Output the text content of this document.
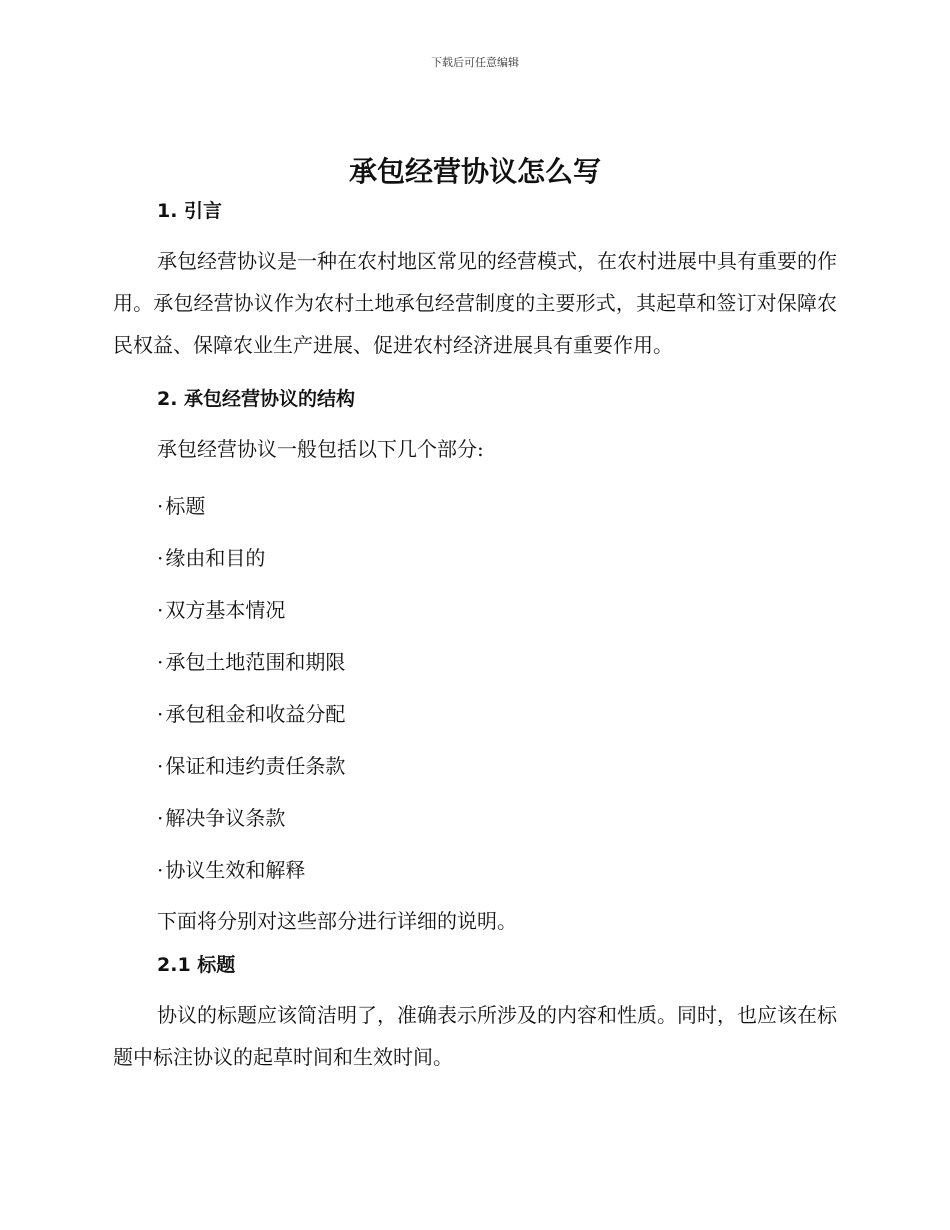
下载后可任意编辑
承包经营协议怎么写
1. 引言

承包经营协议是一种在农村地区常见的经营模式，在农村进展中具有重要的作用。承包经营协议作为农村土地承包经营制度的主要形式，其起草和签订对保障农民权益、保障农业生产进展、促进农村经济进展具有重要作用。

2. 承包经营协议的结构

承包经营协议一般包括以下几个部分:

· 标题
· 缘由和目的
· 双方基本情况
· 承包土地范围和期限
· 承包租金和收益分配
· 保证和违约责任条款
· 解决争议条款
· 协议生效和解释

下面将分别对这些部分进行详细的说明。

2.1 标题

协议的标题应该简洁明了，准确表示所涉及的内容和性质。同时，也应该在标题中标注协议的起草时间和生效时间。
